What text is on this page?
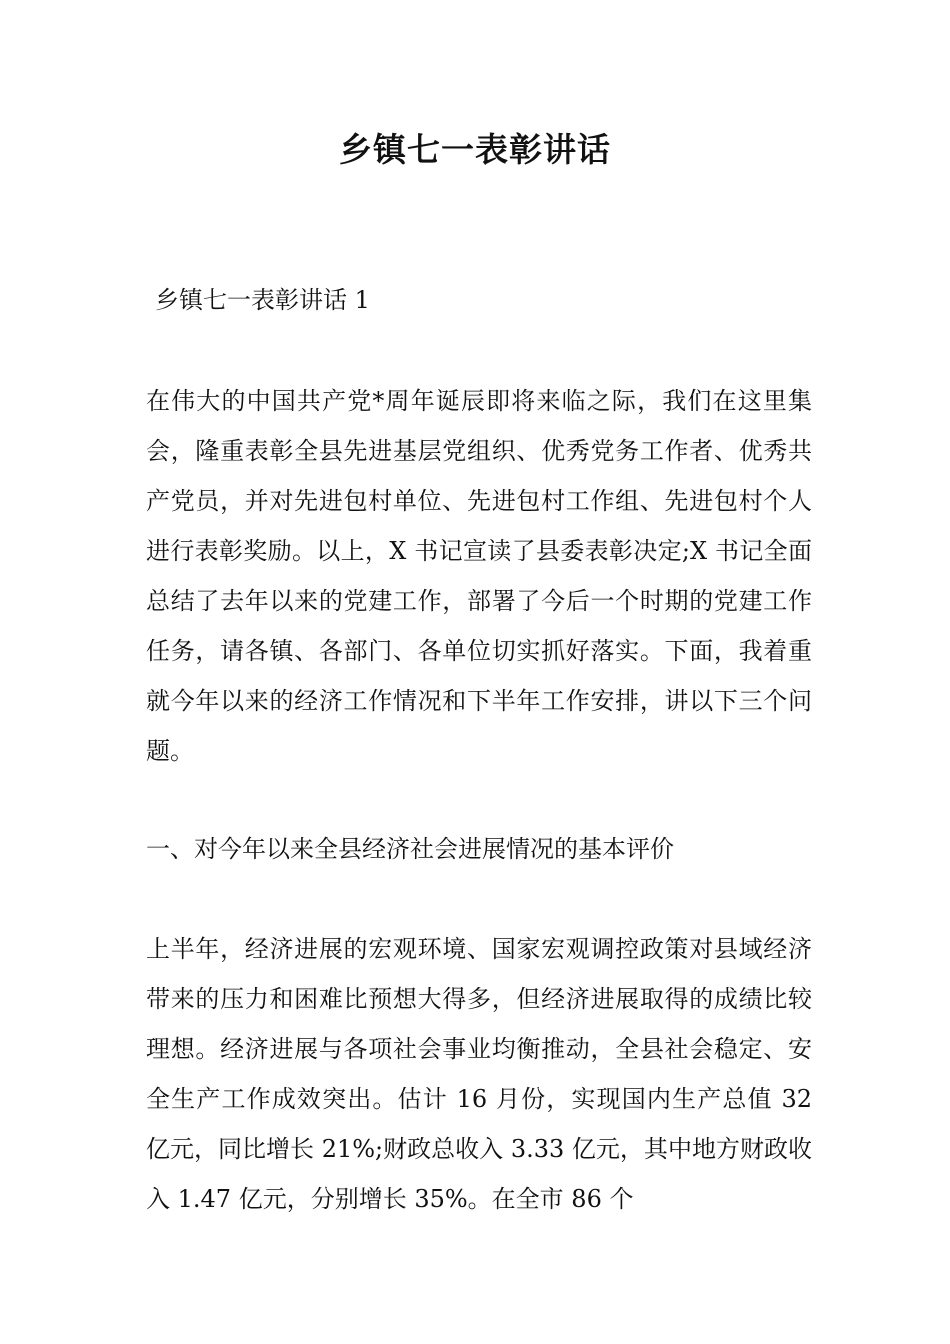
乡镇七一表彰讲话

乡镇七一表彰讲话 1

在伟大的中国共产党*周年诞辰即将来临之际，我们在这里集会，隆重表彰全县先进基层党组织、优秀党务工作者、优秀共产党员，并对先进包村单位、先进包村工作组、先进包村个人进行表彰奖励。以上，X 书记宣读了县委表彰决定;X 书记全面总结了去年以来的党建工作，部署了今后一个时期的党建工作任务，请各镇、各部门、各单位切实抓好落实。下面，我着重就今年以来的经济工作情况和下半年工作安排，讲以下三个问题。

一、对今年以来全县经济社会进展情况的基本评价

上半年，经济进展的宏观环境、国家宏观调控政策对县域经济带来的压力和困难比预想大得多，但经济进展取得的成绩比较理想。经济进展与各项社会事业均衡推动，全县社会稳定、安全生产工作成效突出。估计 16 月份，实现国内生产总值 32 亿元，同比增长 21%;财政总收入 3.33 亿元，其中地方财政收入 1.47 亿元，分别增长 35%。在全市 86 个
